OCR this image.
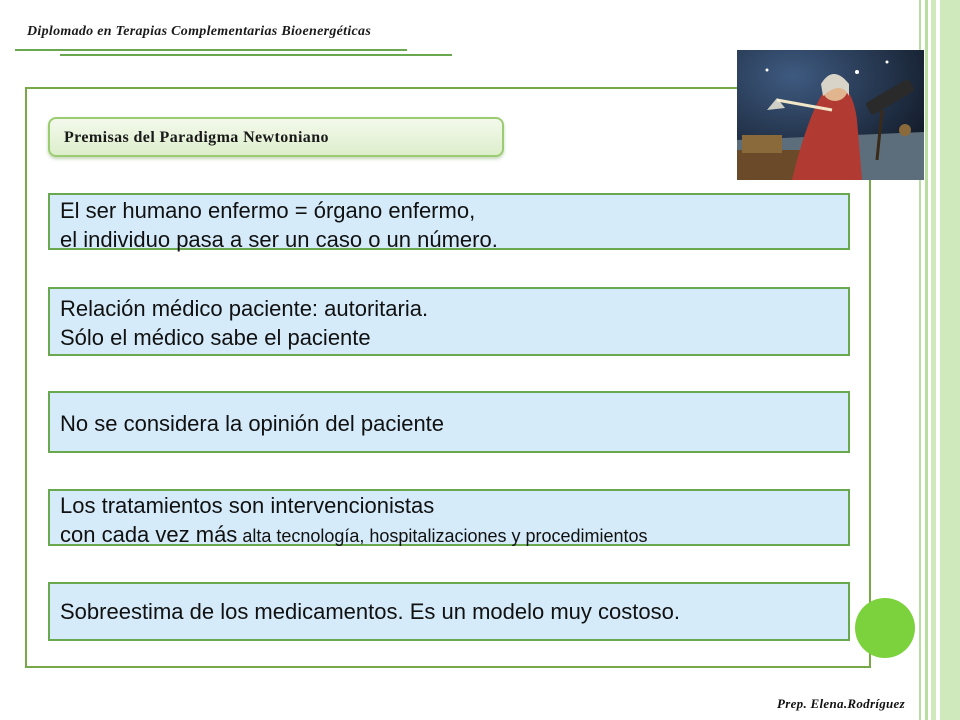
Diplomado en Terapias Complementarias Bioenergéticas
Premisas del Paradigma Newtoniano
El ser humano enfermo = órgano enfermo,
el individuo pasa a ser un caso o un número.
Relación médico paciente: autoritaria.
Sólo el médico sabe el paciente
No se considera la opinión del paciente
Los tratamientos son intervencionistas
con cada vez más alta tecnología, hospitalizaciones y procedimientos
Sobreestima de los medicamentos. Es un modelo muy costoso.
Prep. Elena.Rodríguez
